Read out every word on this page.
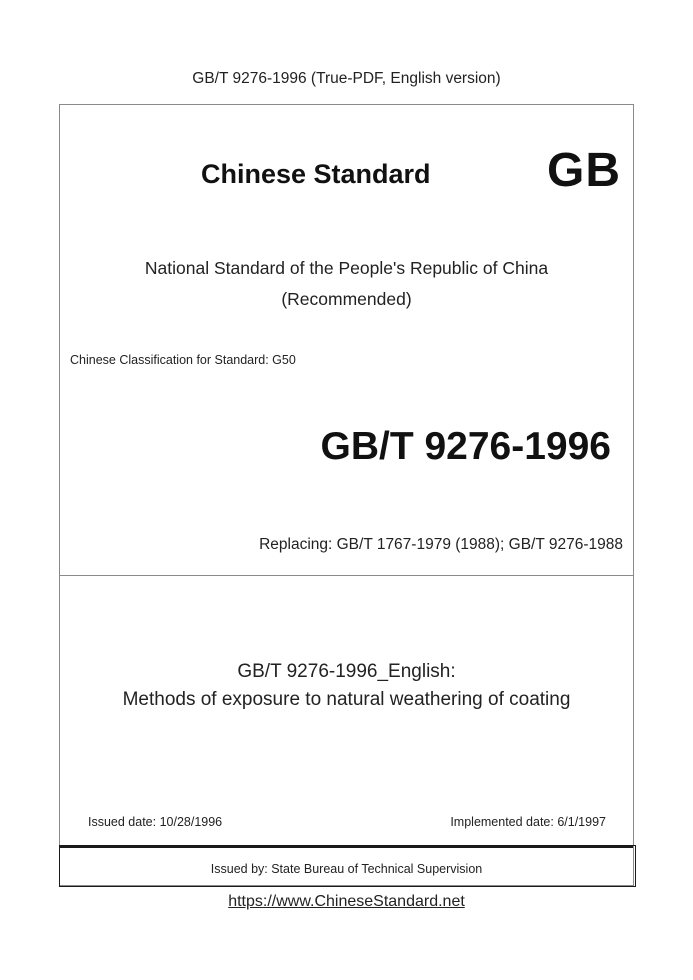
GB/T 9276-1996 (True-PDF, English version)
Chinese Standard GB
National Standard of the People's Republic of China
(Recommended)
Chinese Classification for Standard: G50
GB/T 9276-1996
Replacing: GB/T 1767-1979 (1988); GB/T 9276-1988
GB/T 9276-1996_English:
Methods of exposure to natural weathering of coating
Issued date: 10/28/1996	Implemented date: 6/1/1997
Issued by: State Bureau of Technical Supervision
https://www.ChineseStandard.net
